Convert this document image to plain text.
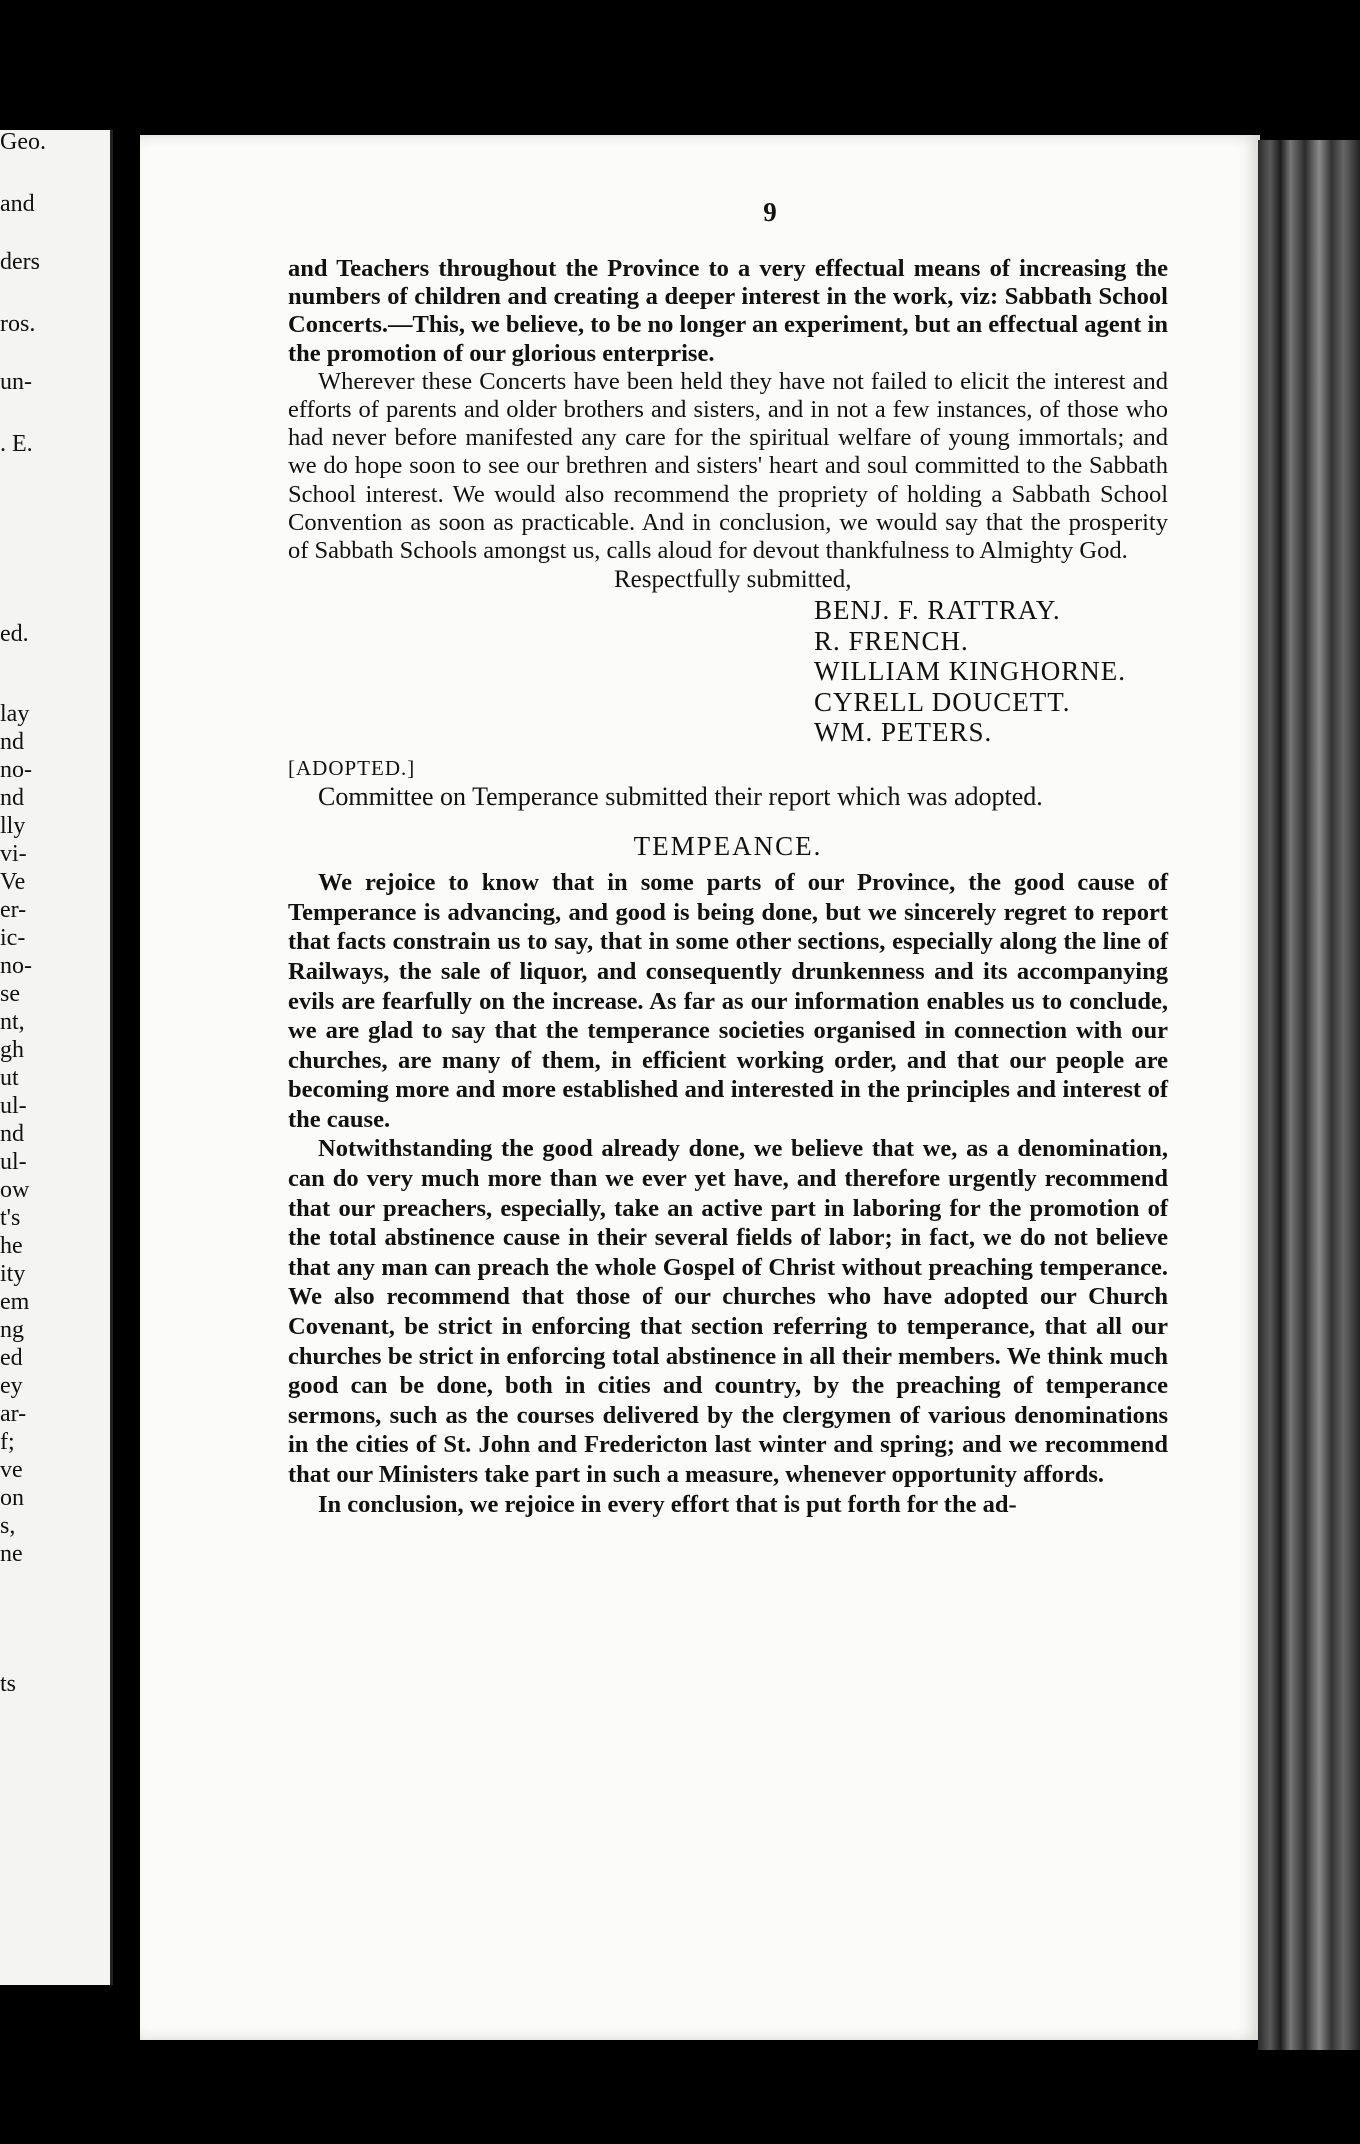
Geo.
and
ders
ros.
un-
. E.
ed.
lay
nd
no-
nd
lly
vi-
Ve
er-
ic-
no-
se
nt,
gh
ut
ul-
nd
ul-
ow
t's
he
ity
em
ng
ed
ey
ar-
f;
ve
on
s,
ne
ts
9

and Teachers throughout the Province to a very effectual means of increasing the numbers of children and creating a deeper interest in the work, viz: Sabbath School Concerts.—This, we believe, to be no longer an experiment, but an effectual agent in the promotion of our glorious enterprise.

Wherever these Concerts have been held they have not failed to elicit the interest and efforts of parents and older brothers and sisters, and in not a few instances, of those who had never before manifested any care for the spiritual welfare of young immortals; and we do hope soon to see our brethren and sisters' heart and soul committed to the Sabbath School interest. We would also recommend the propriety of holding a Sabbath School Convention as soon as practicable. And in conclusion, we would say that the prosperity of Sabbath Schools amongst us, calls aloud for devout thankfulness to Almighty God.

Respectfully submitted,
BENJ. F. RATTRAY.
R. FRENCH.
WILLIAM KINGHORNE.
CYRELL DOUCETT.
WM. PETERS.
[ADOPTED.]

Committee on Temperance submitted their report which was adopted.

TEMPEANCE.

We rejoice to know that in some parts of our Province, the good cause of Temperance is advancing, and good is being done, but we sincerely regret to report that facts constrain us to say, that in some other sections, especially along the line of Railways, the sale of liquor, and consequently drunkenness and its accompanying evils are fearfully on the increase. As far as our information enables us to conclude, we are glad to say that the temperance societies organised in connection with our churches, are many of them, in efficient working order, and that our people are becoming more and more established and interested in the principles and interest of the cause.

Notwithstanding the good already done, we believe that we, as a denomination, can do very much more than we ever yet have, and therefore urgently recommend that our preachers, especially, take an active part in laboring for the promotion of the total abstinence cause in their several fields of labor; in fact, we do not believe that any man can preach the whole Gospel of Christ without preaching temperance. We also recommend that those of our churches who have adopted our Church Covenant, be strict in enforcing that section referring to temperance, that all our churches be strict in enforcing total abstinence in all their members. We think much good can be done, both in cities and country, by the preaching of temperance sermons, such as the courses delivered by the clergymen of various denominations in the cities of St. John and Fredericton last winter and spring; and we recommend that our Ministers take part in such a measure, whenever opportunity affords.

In conclusion, we rejoice in every effort that is put forth for the ad-
